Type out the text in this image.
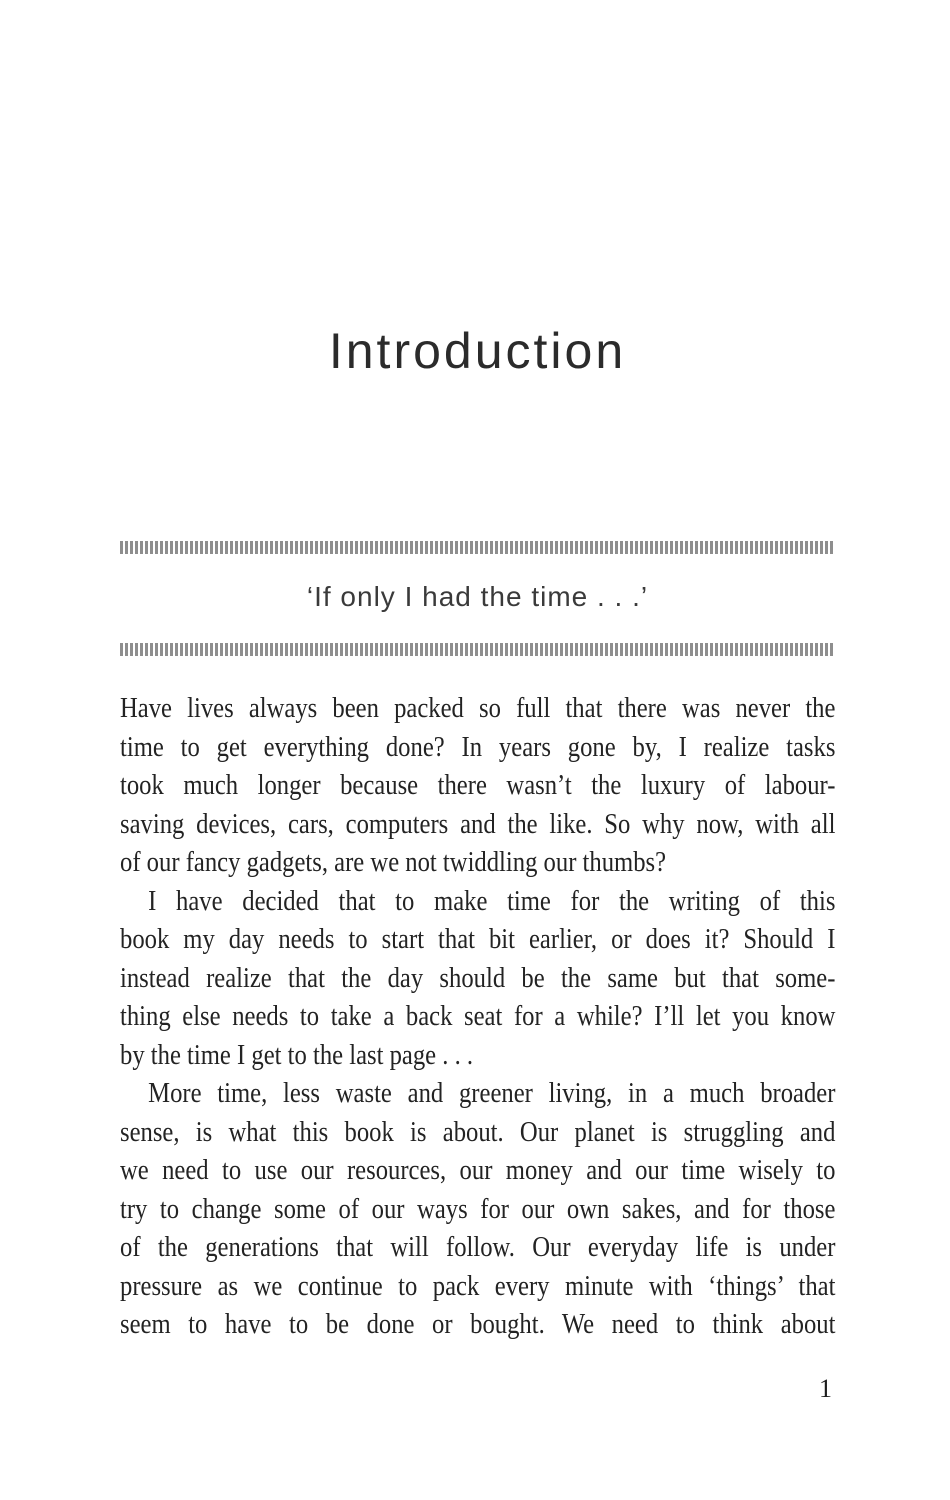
Introduction
‘If only I had the time . . .’
Have lives always been packed so full that there was never the
time to get everything done? In years gone by, I realize tasks
took much longer because there wasn’t the luxury of labour-
saving devices, cars, computers and the like. So why now, with all
of our fancy gadgets, are we not twiddling our thumbs?
I have decided that to make time for the writing of this
book my day needs to start that bit earlier, or does it? Should I
instead realize that the day should be the same but that some-
thing else needs to take a back seat for a while? I’ll let you know
by the time I get to the last page . . .
More time, less waste and greener living, in a much broader
sense, is what this book is about. Our planet is struggling and
we need to use our resources, our money and our time wisely to
try to change some of our ways for our own sakes, and for those
of the generations that will follow. Our everyday life is under
pressure as we continue to pack every minute with ‘things’ that
seem to have to be done or bought. We need to think about
1
